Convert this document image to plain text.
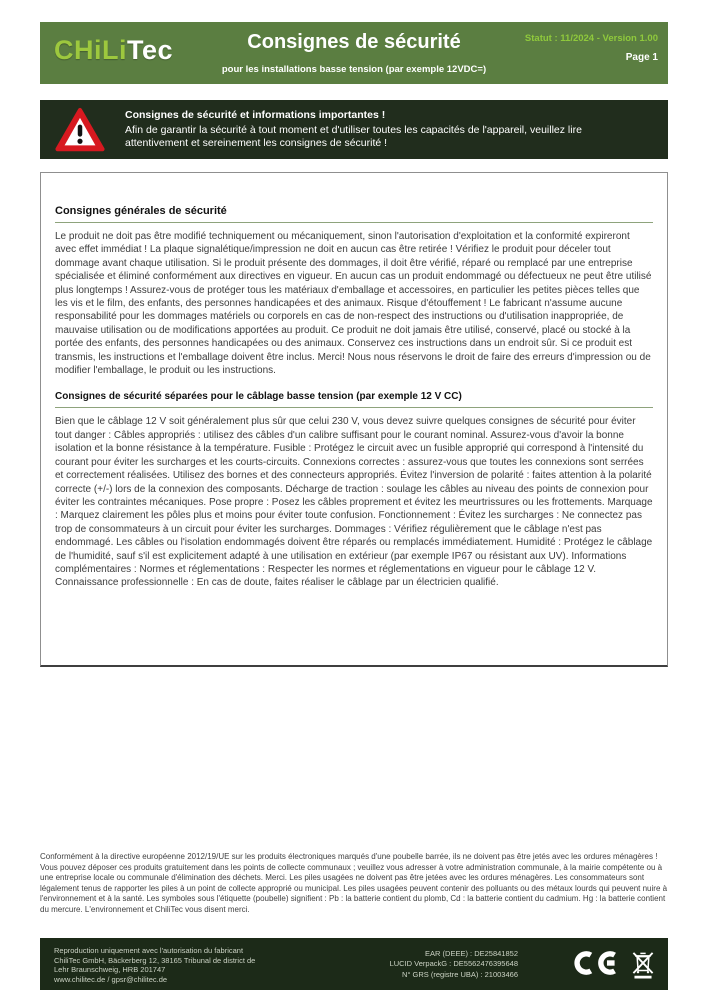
CHiLiTec	Consignes de sécurité
pour les installations basse tension (par exemple 12VDC=)
Statut : 11/2024 - Version 1.00
Page 1
Consignes de sécurité et informations importantes !
Afin de garantir la sécurité à tout moment et d'utiliser toutes les capacités de l'appareil, veuillez lire attentivement et sereinement les consignes de sécurité !
Consignes générales de sécurité
Le produit ne doit pas être modifié techniquement ou mécaniquement, sinon l'autorisation d'exploitation et la conformité expireront avec effet immédiat ! La plaque signalétique/impression ne doit en aucun cas être retirée ! Vérifiez le produit pour déceler tout dommage avant chaque utilisation. Si le produit présente des dommages, il doit être vérifié, réparé ou remplacé par une entreprise spécialisée et éliminé conformément aux directives en vigueur. En aucun cas un produit endommagé ou défectueux ne peut être utilisé plus longtemps ! Assurez-vous de protéger tous les matériaux d'emballage et accessoires, en particulier les petites pièces telles que les vis et le film, des enfants, des personnes handicapées et des animaux. Risque d'étouffement ! Le fabricant n'assume aucune responsabilité pour les dommages matériels ou corporels en cas de non-respect des instructions ou d'utilisation inappropriée, de mauvaise utilisation ou de modifications apportées au produit. Ce produit ne doit jamais être utilisé, conservé, placé ou stocké à la portée des enfants, des personnes handicapées ou des animaux. Conservez ces instructions dans un endroit sûr. Si ce produit est transmis, les instructions et l'emballage doivent être inclus. Merci! Nous nous réservons le droit de faire des erreurs d'impression ou de modifier l'emballage, le produit ou les instructions.
Consignes de sécurité séparées pour le câblage basse tension (par exemple 12 V CC)
Bien que le câblage 12 V soit généralement plus sûr que celui 230 V, vous devez suivre quelques consignes de sécurité pour éviter tout danger : Câbles appropriés : utilisez des câbles d'un calibre suffisant pour le courant nominal. Assurez-vous d'avoir la bonne isolation et la bonne résistance à la température. Fusible : Protégez le circuit avec un fusible approprié qui correspond à l'intensité du courant pour éviter les surcharges et les courts-circuits. Connexions correctes : assurez-vous que toutes les connexions sont serrées et correctement réalisées. Utilisez des bornes et des connecteurs appropriés. Évitez l'inversion de polarité : faites attention à la polarité correcte (+/-) lors de la connexion des composants. Décharge de traction : soulage les câbles au niveau des points de connexion pour éviter les contraintes mécaniques. Pose propre : Posez les câbles proprement et évitez les meurtrissures ou les frottements. Marquage : Marquez clairement les pôles plus et moins pour éviter toute confusion. Fonctionnement : Évitez les surcharges : Ne connectez pas trop de consommateurs à un circuit pour éviter les surcharges. Dommages : Vérifiez régulièrement que le câblage n'est pas endommagé. Les câbles ou l'isolation endommagés doivent être réparés ou remplacés immédiatement. Humidité : Protégez le câblage de l'humidité, sauf s'il est explicitement adapté à une utilisation en extérieur (par exemple IP67 ou résistant aux UV). Informations complémentaires : Normes et réglementations : Respecter les normes et réglementations en vigueur pour le câblage 12 V. Connaissance professionnelle : En cas de doute, faites réaliser le câblage par un électricien qualifié.
Conformément à la directive européenne 2012/19/UE sur les produits électroniques marqués d'une poubelle barrée, ils ne doivent pas être jetés avec les ordures ménagères ! Vous pouvez déposer ces produits gratuitement dans les points de collecte communaux ; veuillez vous adresser à votre administration communale, à la mairie compétente ou à une entreprise locale ou communale d'élimination des déchets. Merci. Les piles usagées ne doivent pas être jetées avec les ordures ménagères. Les consommateurs sont légalement tenus de rapporter les piles à un point de collecte approprié ou municipal. Les piles usagées peuvent contenir des polluants ou des métaux lourds qui peuvent nuire à l'environnement et à la santé. Les symboles sous l'étiquette (poubelle) signifient : Pb : la batterie contient du plomb, Cd : la batterie contient du cadmium. Hg : la batterie contient du mercure. L'environnement et ChiliTec vous disent merci.
Reproduction uniquement avec l'autorisation du fabricant
ChiliTec GmbH, Bäckerberg 12, 38165 Tribunal de district de
Lehr Braunschweig, HRB 201747
www.chilitec.de / gpsr@chilitec.de
EAR (DEEE) : DE25841852
LUCID VerpackG : DE5562476395648
N° GRS (registre UBA) : 21003466
